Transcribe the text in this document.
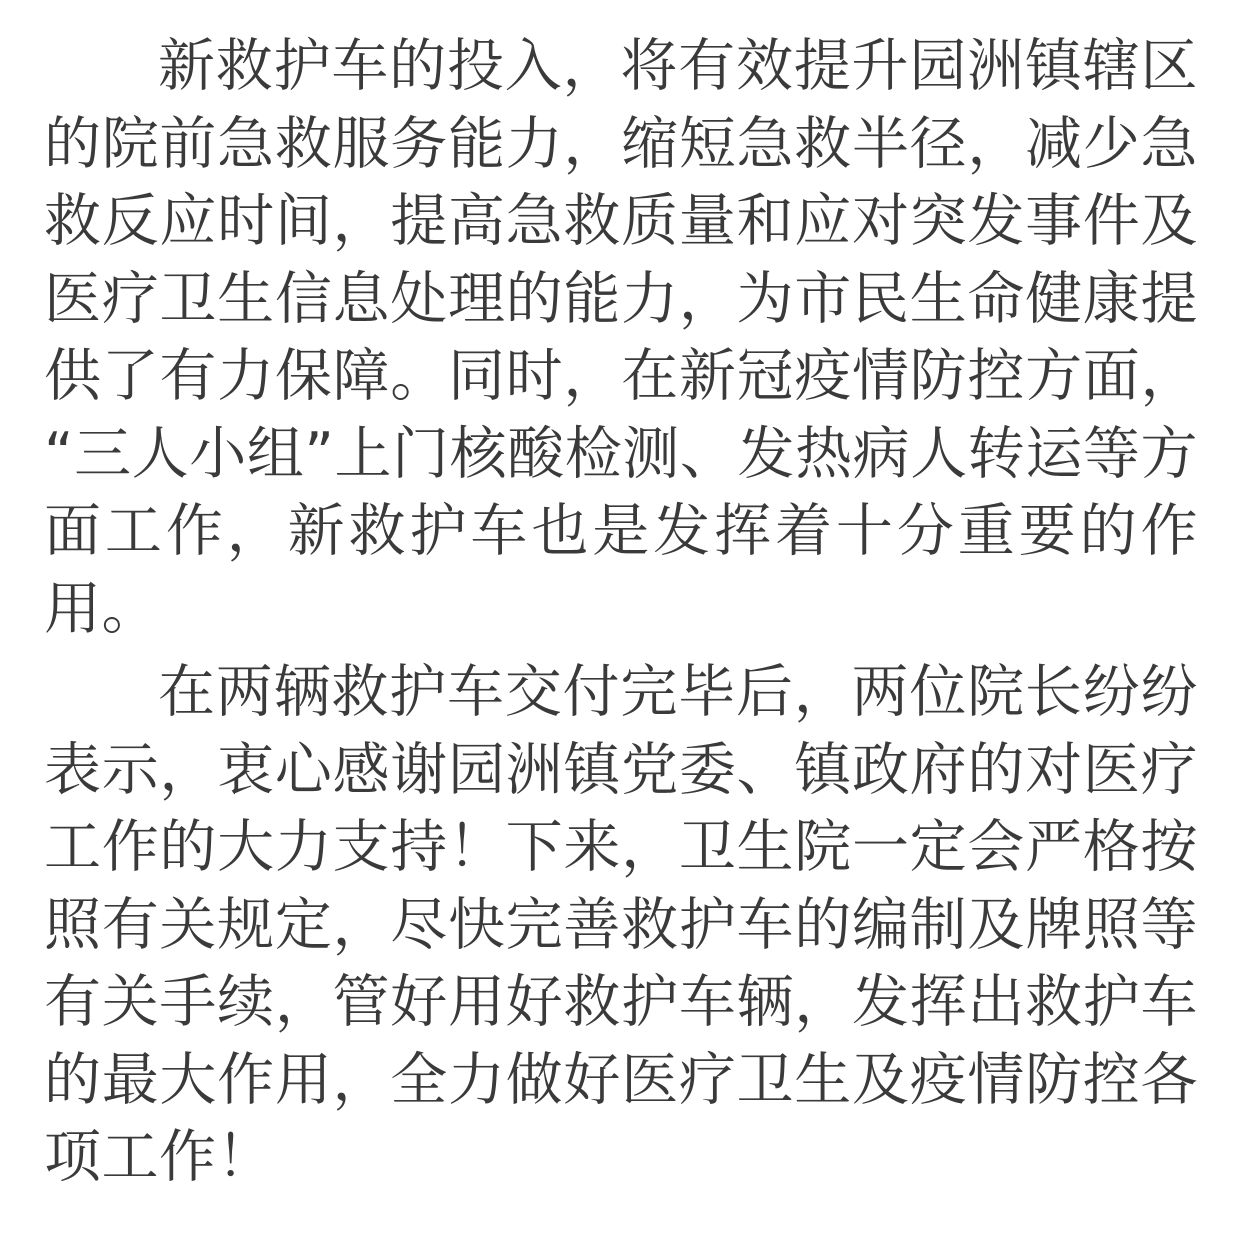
新救护车的投入，将有效提升园洲镇辖区的院前急救服务能力，缩短急救半径，减少急救反应时间，提高急救质量和应对突发事件及医疗卫生信息处理的能力，为市民生命健康提供了有力保障。同时，在新冠疫情防控方面，“三人小组”上门核酸检测、发热病人转运等方面工作，新救护车也是发挥着十分重要的作用。

在两辆救护车交付完毕后，两位院长纷纷表示，衷心感谢园洲镇党委、镇政府的对医疗工作的大力支持！下来，卫生院一定会严格按照有关规定，尽快完善救护车的编制及牌照等有关手续，管好用好救护车辆，发挥出救护车的最大作用，全力做好医疗卫生及疫情防控各项工作！
